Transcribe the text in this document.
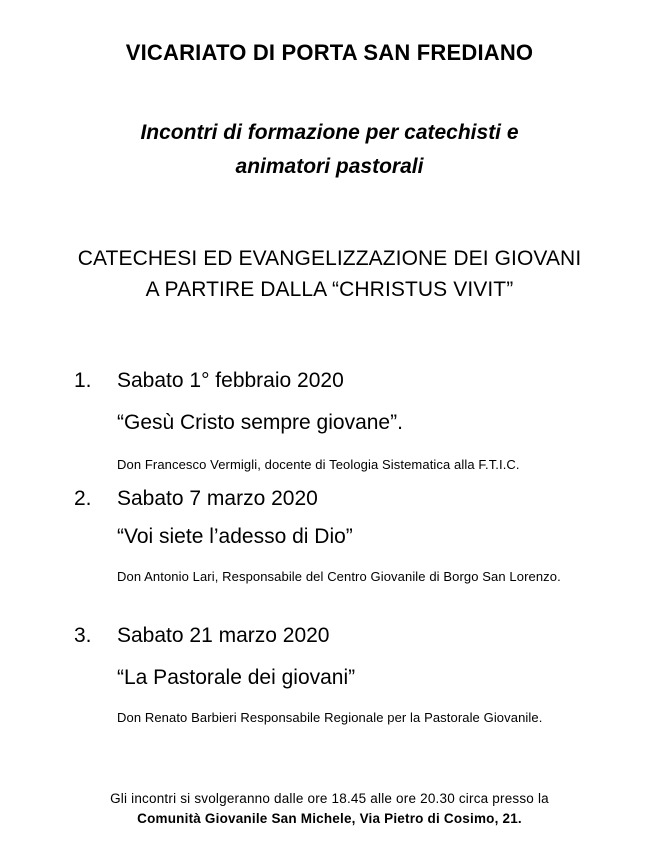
VICARIATO DI PORTA SAN FREDIANO
Incontri di formazione per catechisti e
animatori pastorali
CATECHESI ED EVANGELIZZAZIONE DEI GIOVANI
A PARTIRE DALLA “CHRISTUS VIVIT”
1. Sabato 1° febbraio 2020
“Gesù Cristo sempre giovane”.
Don Francesco Vermigli, docente di Teologia Sistematica alla F.T.I.C.
2. Sabato 7 marzo 2020
“Voi siete l’adesso di Dio”
Don Antonio Lari, Responsabile del Centro Giovanile di Borgo San Lorenzo.
3. Sabato 21 marzo 2020
“La Pastorale dei giovani”
Don Renato Barbieri Responsabile Regionale per la Pastorale Giovanile.
Gli incontri si svolgeranno dalle ore 18.45 alle ore 20.30 circa presso la
Comunità Giovanile San Michele, Via Pietro di Cosimo, 21.
